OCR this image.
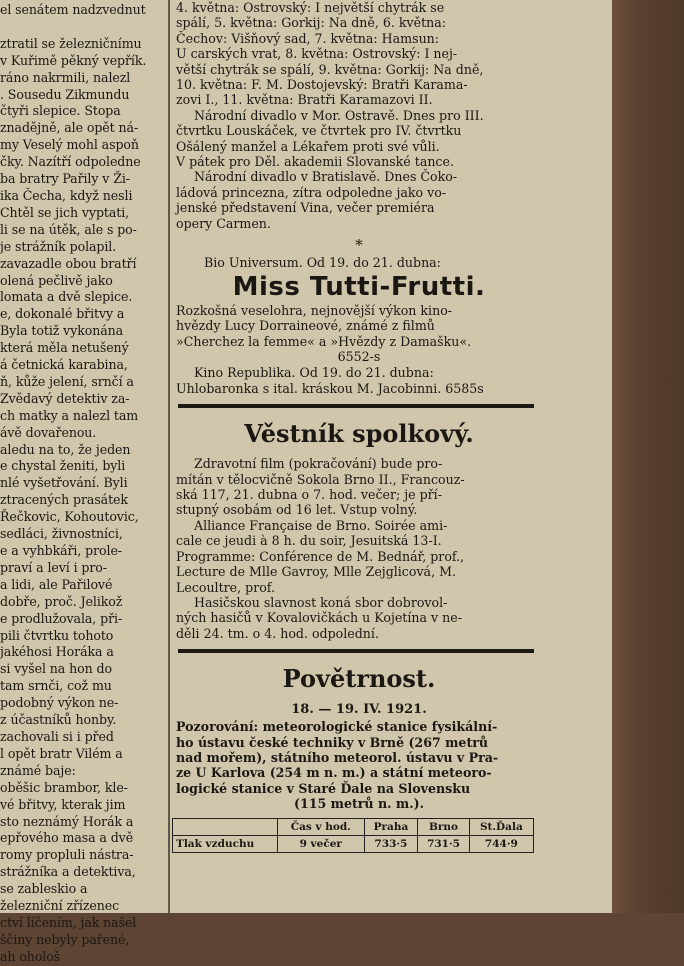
el senátem nadzvednut

ztratil se železničnímu
v Kuřimě pěkný vepřík.
ráno nakrmili, nalezl
. Sousedu Zikmundu
čtyři slepice. Stopa
znadějně, ale opět ná-
my Veselý mohl aspoň
čky. Nazítří odpoledne
ba bratry Pařily v Ži-
ika Čecha, když nesli
Chtěl se jich vyptati,
li se na útěk, ale s po-
je strážník polapil.
zavazadle obou bratří
olená pečlivě jako
lomata a dvě slepice.
e, dokonalé břitvy a
Byla totiž vykonána
která měla netušený
á četnická karabina,
ň, kůže jelení, srnčí a
Zvědavý detektiv za-
ch matky a nalezl tam
ávě dovařenou.
aledu na to, že jeden
e chystal ženiti, byli
nlé vyšetřování. Byli
ztracených prasátek
Řečkovic, Kohoutovic,
sedláci, živnostníci,
e a vyhbkáři, prole-
praví a leví i pro-
a lidi, ale Pařilové
dobře, proč. Jelikož
e prodlužovala, při-
pili čtvrtku tohoto
jakéhosi Horáka a
si vyšel na hon do
tam srnči, což mu
podobný výkon ne-
z účastníků honby.
zachovali si i před
l opět bratr Vilém a
známé baje:
oběšic brambor, kle-
vé břitvy, kterak jim
sto neznámý Horák a
epřového masa a dvě
romy propluli nástra-
strážníka a detektiva,
se zableskio a
železniční zřízenec
ctví líčením, jak našel
ščiny nebyly pařené,
ah ohološ
4. května: Ostrovský: I největší chytrák se
spálí, 5. května: Gorkij: Na dně, 6. května:
Čechov: Višňový sad, 7. května: Hamsun:
U carských vrat, 8. května: Ostrovský: I nej-
větší chytrák se spálí, 9. května: Gorkij: Na dně,
10. května: F. M. Dostojevský: Bratři Karama-
zovi I., 11. května: Bratři Karamazovi II.
Národní divadlo v Mor. Ostravě. Dnes pro III.
čtvrtku Louskáček, ve čtvrtek pro IV. čtvrtku
Ošálený manžel a Lékařem proti své vůli.
V pátek pro Děl. akademii Slovanské tance.
Národní divadlo v Bratislavě. Dnes Čoko-
ládová princezna, zítra odpoledne jako vo-
jenské představení Vina, večer premiéra
opery Carmen.
*
Bio Universum. Od 19. do 21. dubna:
Miss Tutti-Frutti.
Rozkošná veselohra, nejnovější výkon kino-
hvězdy Lucy Dorraineové, známé z filmů
»Cherchez la femme« a »Hvězdy z Damašku«.
6552-s
Kino Republika. Od 19. do 21. dubna:
Uhlobaronka s ital. kráskou M. Jacobinni. 6585s
Věstník spolkový.
Zdravotní film (pokračování) bude pro-
mítán v tělocvičně Sokola Brno II., Francouz-
ská 117, 21. dubna o 7. hod. večer; je pří-
stupný osobám od 16 let. Vstup volný.
Alliance Française de Brno. Soirée ami-
cale ce jeudi à 8 h. du soir, Jesuitská 13-I.
Programme: Conférence de M. Bednář, prof.,
Lecture de Mlle Gavroy, Mlle Zejglicová, M.
Lecoultre, prof.
Hasičskou slavnost koná sbor dobrovol-
ných hasičů v Kovalovičkách u Kojetína v ne-
děli 24. tm. o 4. hod. odpolední.
Povětrnost.
18. — 19. IV. 1921.
Pozorování: meteorologické stanice fysikální-
ho ústavu české techniky v Brně (267 metrů
nad mořem), státního meteorol. ústavu v Pra-
ze U Karlova (254 m n. m.) a státní meteoro-
logické stanice v Staré Ďale na Slovensku
(115 metrů n. m.).
	Čas v hod.	Praha	Brno	St.Ďala
Tlak vzduchu	9 večer	733·5	731·5	744·9
